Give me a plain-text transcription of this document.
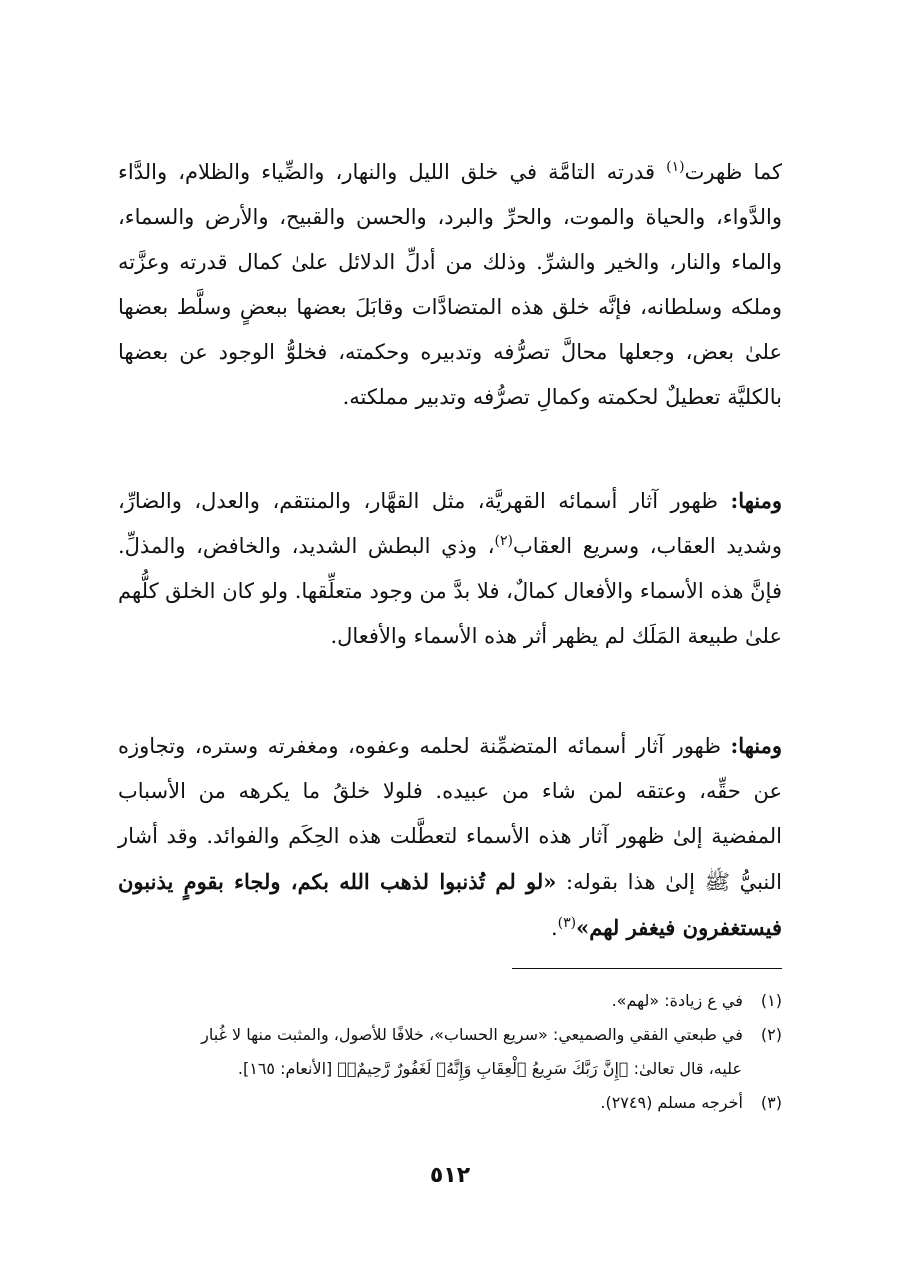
كما ظهرت$^{(١)}$ قدرته التامَّة في خلق الليل والنهار، والضِّياء والظلام، والدَّاء والدَّواء، والحياة والموت، والحرِّ والبرد، والحسن والقبيح، والأرض والسماء، والماء والنار، والخير والشرِّ. وذلك من أدلِّ الدلائل علىٰ كمال قدرته وعزَّته وملكه وسلطانه، فإنَّه خلق هذه المتضادَّات وقابَلَ بعضها ببعضٍ وسلَّط بعضها علىٰ بعض، وجعلها محالَّ تصرُّفه وتدبيره وحكمته، فخلوُّ الوجود عن بعضها بالكليَّة تعطيلٌ لحكمته وكمالِ تصرُّفه وتدبير مملكته.
ومنها: ظهور آثار أسمائه القهريَّة، مثل القهَّار، والمنتقم، والعدل، والضارِّ، وشديد العقاب، وسريع العقاب$^{(٢)}$، وذي البطش الشديد، والخافض، والمذلِّ. فإنَّ هذه الأسماء والأفعال كمالٌ، فلا بدَّ من وجود متعلِّقها. ولو كان الخلق كلُّهم علىٰ طبيعة المَلَك لم يظهر أثر هذه الأسماء والأفعال.
ومنها: ظهور آثار أسمائه المتضمِّنة لحلمه وعفوه، ومغفرته وستره، وتجاوزه عن حقِّه، وعتقه لمن شاء من عبيده. فلولا خلقُ ما يكرهه من الأسباب المفضية إلىٰ ظهور آثار هذه الأسماء لتعطَّلت هذه الحِكَم والفوائد. وقد أشار النبيُّ ﷺ إلىٰ هذا بقوله: «لو لم تُذنبوا لذهب الله بكم، ولجاء بقومٍ يذنبون فيستغفرون فيغفر لهم»$^{(٣)}$.
(١) في ع زيادة: «لهم».
(٢) في طبعتي الفقي والصميعي: «سريع الحساب»، خلافًا للأصول، والمثبت منها لا غُبار
عليه، قال تعالىٰ: ﴿إِنَّ رَبَّكَ سَرِيعُ ٱلْعِقَابِ وَإِنَّهُۥ لَغَفُورٌ رَّحِيمٌۢ﴾ [الأنعام: ١٦٥].
(٣) أخرجه مسلم (٢٧٤٩).
٥١٢
